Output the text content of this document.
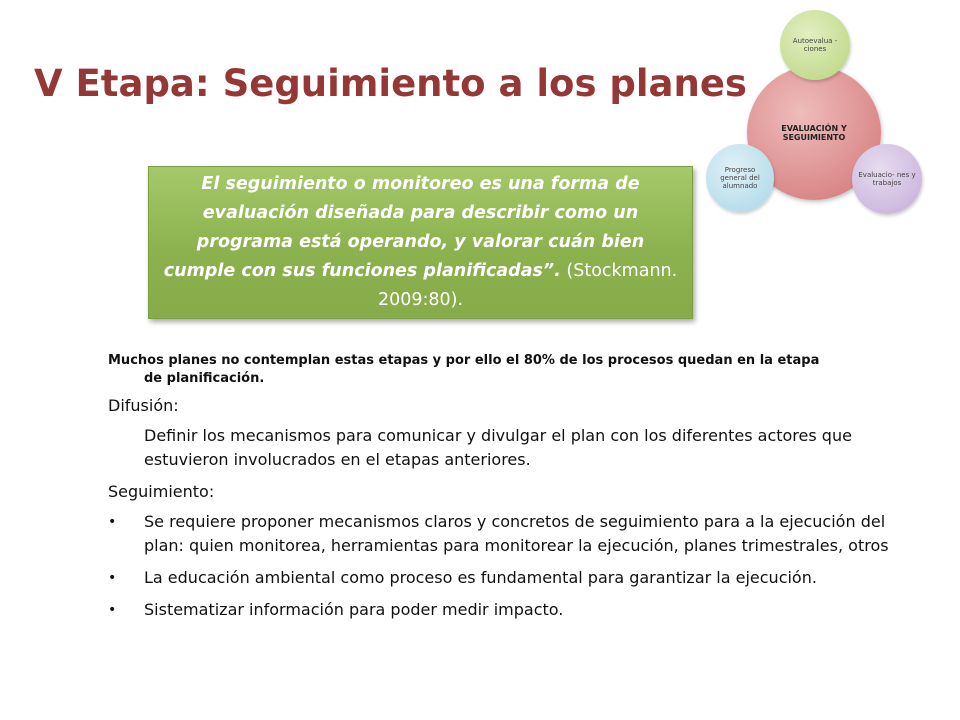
V Etapa: Seguimiento a los planes
EVALUACIÓN Y SEGUIMIENTO
Autoevalua -ciones
Progreso general del alumnado
Evaluacio- nes y trabajos
El seguimiento o monitoreo es una forma de evaluación diseñada para describir como un programa está operando, y valorar cuán bien cumple con sus funciones planificadas”. (Stockmann. 2009:80).

Muchos planes no contemplan estas etapas y por ello el 80% de los procesos quedan en la etapa
de planificación.

Difusión:

Definir los mecanismos para comunicar y divulgar el plan con los diferentes actores que estuvieron involucrados en el etapas anteriores.

Seguimiento:

• Se requiere proponer mecanismos claros y concretos de seguimiento para a la ejecución del plan: quien monitorea, herramientas para monitorear la ejecución, planes trimestrales, otros
• La educación ambiental como proceso es fundamental para garantizar la ejecución.
• Sistematizar información para poder medir impacto.
